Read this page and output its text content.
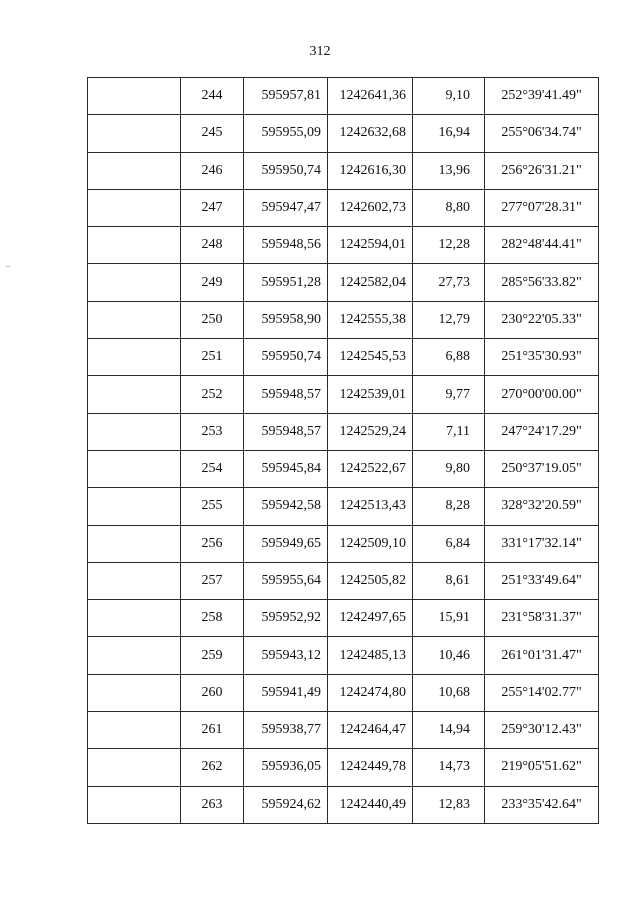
312
	244	595957,81	1242641,36	9,10	252°39'41.49"
	245	595955,09	1242632,68	16,94	255°06'34.74"
	246	595950,74	1242616,30	13,96	256°26'31.21"
	247	595947,47	1242602,73	8,80	277°07'28.31"
	248	595948,56	1242594,01	12,28	282°48'44.41"
	249	595951,28	1242582,04	27,73	285°56'33.82"
	250	595958,90	1242555,38	12,79	230°22'05.33"
	251	595950,74	1242545,53	6,88	251°35'30.93"
	252	595948,57	1242539,01	9,77	270°00'00.00"
	253	595948,57	1242529,24	7,11	247°24'17.29"
	254	595945,84	1242522,67	9,80	250°37'19.05"
	255	595942,58	1242513,43	8,28	328°32'20.59"
	256	595949,65	1242509,10	6,84	331°17'32.14"
	257	595955,64	1242505,82	8,61	251°33'49.64"
	258	595952,92	1242497,65	15,91	231°58'31.37"
	259	595943,12	1242485,13	10,46	261°01'31.47"
	260	595941,49	1242474,80	10,68	255°14'02.77"
	261	595938,77	1242464,47	14,94	259°30'12.43"
	262	595936,05	1242449,78	14,73	219°05'51.62"
	263	595924,62	1242440,49	12,83	233°35'42.64"
